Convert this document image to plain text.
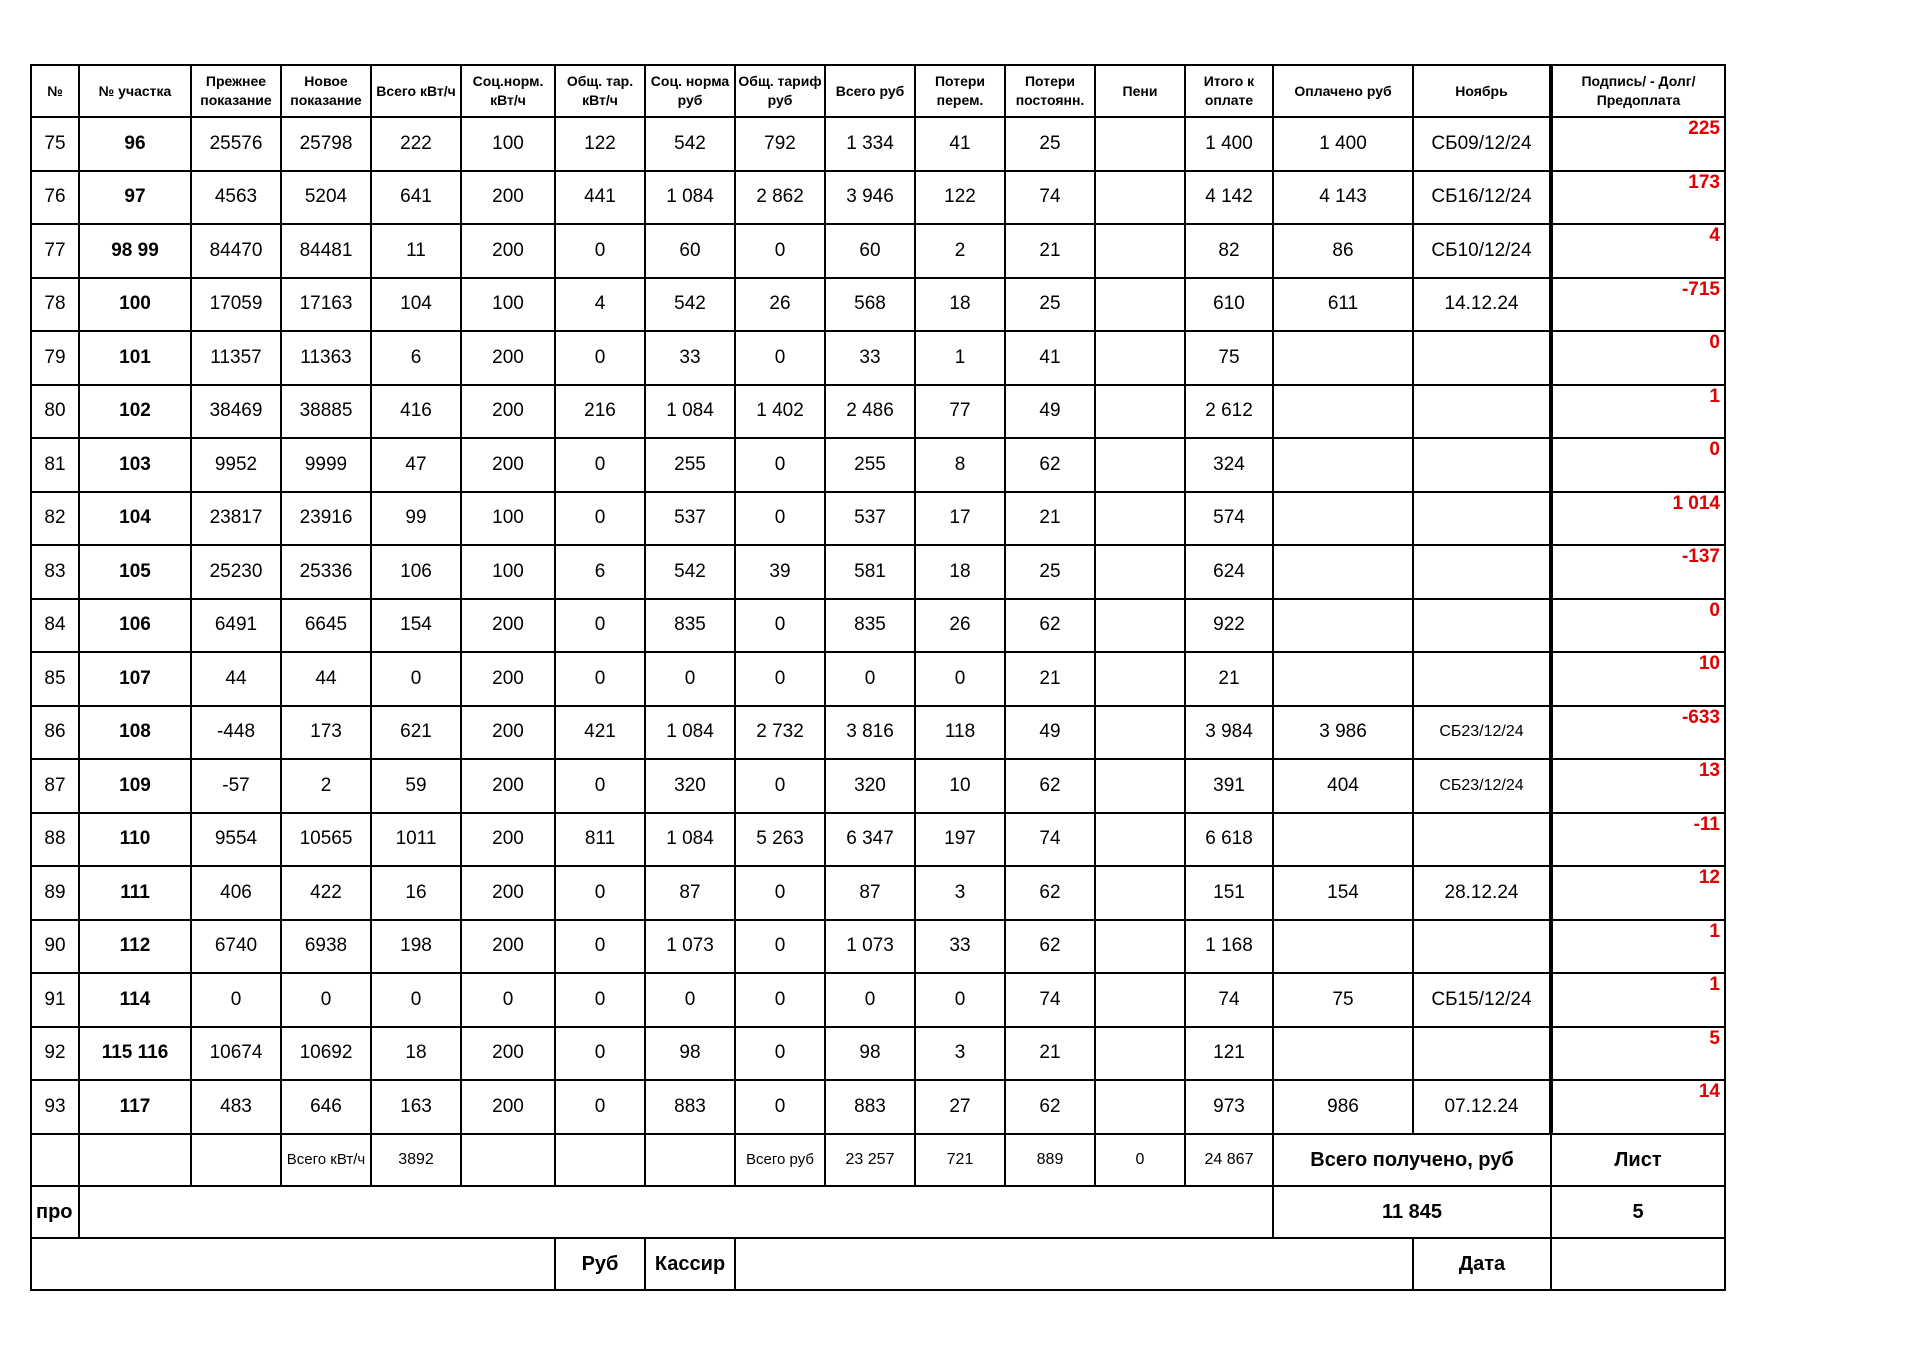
№	№ участка	Прежнее показание	Новое показание	Всего кВт/ч	Соц.норм. кВт/ч	Общ. тар. кВт/ч	Соц. норма руб	Общ. тариф руб	Всего руб	Потери перем.	Потери постоянн.	Пени	Итого к оплате	Оплачено руб	Ноябрь	Подпись/ - Долг/Предоплата
75	96	25576	25798	222	100	122	542	792	1 334	41	25		1 400	1 400	СБ09/12/24	225
76	97	4563	5204	641	200	441	1 084	2 862	3 946	122	74		4 142	4 143	СБ16/12/24	173
77	98 99	84470	84481	11	200	0	60	0	60	2	21		82	86	СБ10/12/24	4
78	100	17059	17163	104	100	4	542	26	568	18	25		610	611	14.12.24	-715
79	101	11357	11363	6	200	0	33	0	33	1	41		75			0
80	102	38469	38885	416	200	216	1 084	1 402	2 486	77	49		2 612			1
81	103	9952	9999	47	200	0	255	0	255	8	62		324			0
82	104	23817	23916	99	100	0	537	0	537	17	21		574			1 014
83	105	25230	25336	106	100	6	542	39	581	18	25		624			-137
84	106	6491	6645	154	200	0	835	0	835	26	62		922			0
85	107	44	44	0	200	0	0	0	0	0	21		21			10
86	108	-448	173	621	200	421	1 084	2 732	3 816	118	49		3 984	3 986	СБ23/12/24	-633
87	109	-57	2	59	200	0	320	0	320	10	62		391	404	СБ23/12/24	13
88	110	9554	10565	1011	200	811	1 084	5 263	6 347	197	74		6 618			-11
89	111	406	422	16	200	0	87	0	87	3	62		151	154	28.12.24	12
90	112	6740	6938	198	200	0	1 073	0	1 073	33	62		1 168			1
91	114	0	0	0	0	0	0	0	0	0	74		74	75	СБ15/12/24	1
92	115 116	10674	10692	18	200	0	98	0	98	3	21		121			5
93	117	483	646	163	200	0	883	0	883	27	62		973	986	07.12.24	14
			Всего кВт/ч	3892				Всего руб	23 257	721	889	0	24 867	Всего получено, руб		Лист
про														11 845		5
						Руб	Кассир								Дата	
